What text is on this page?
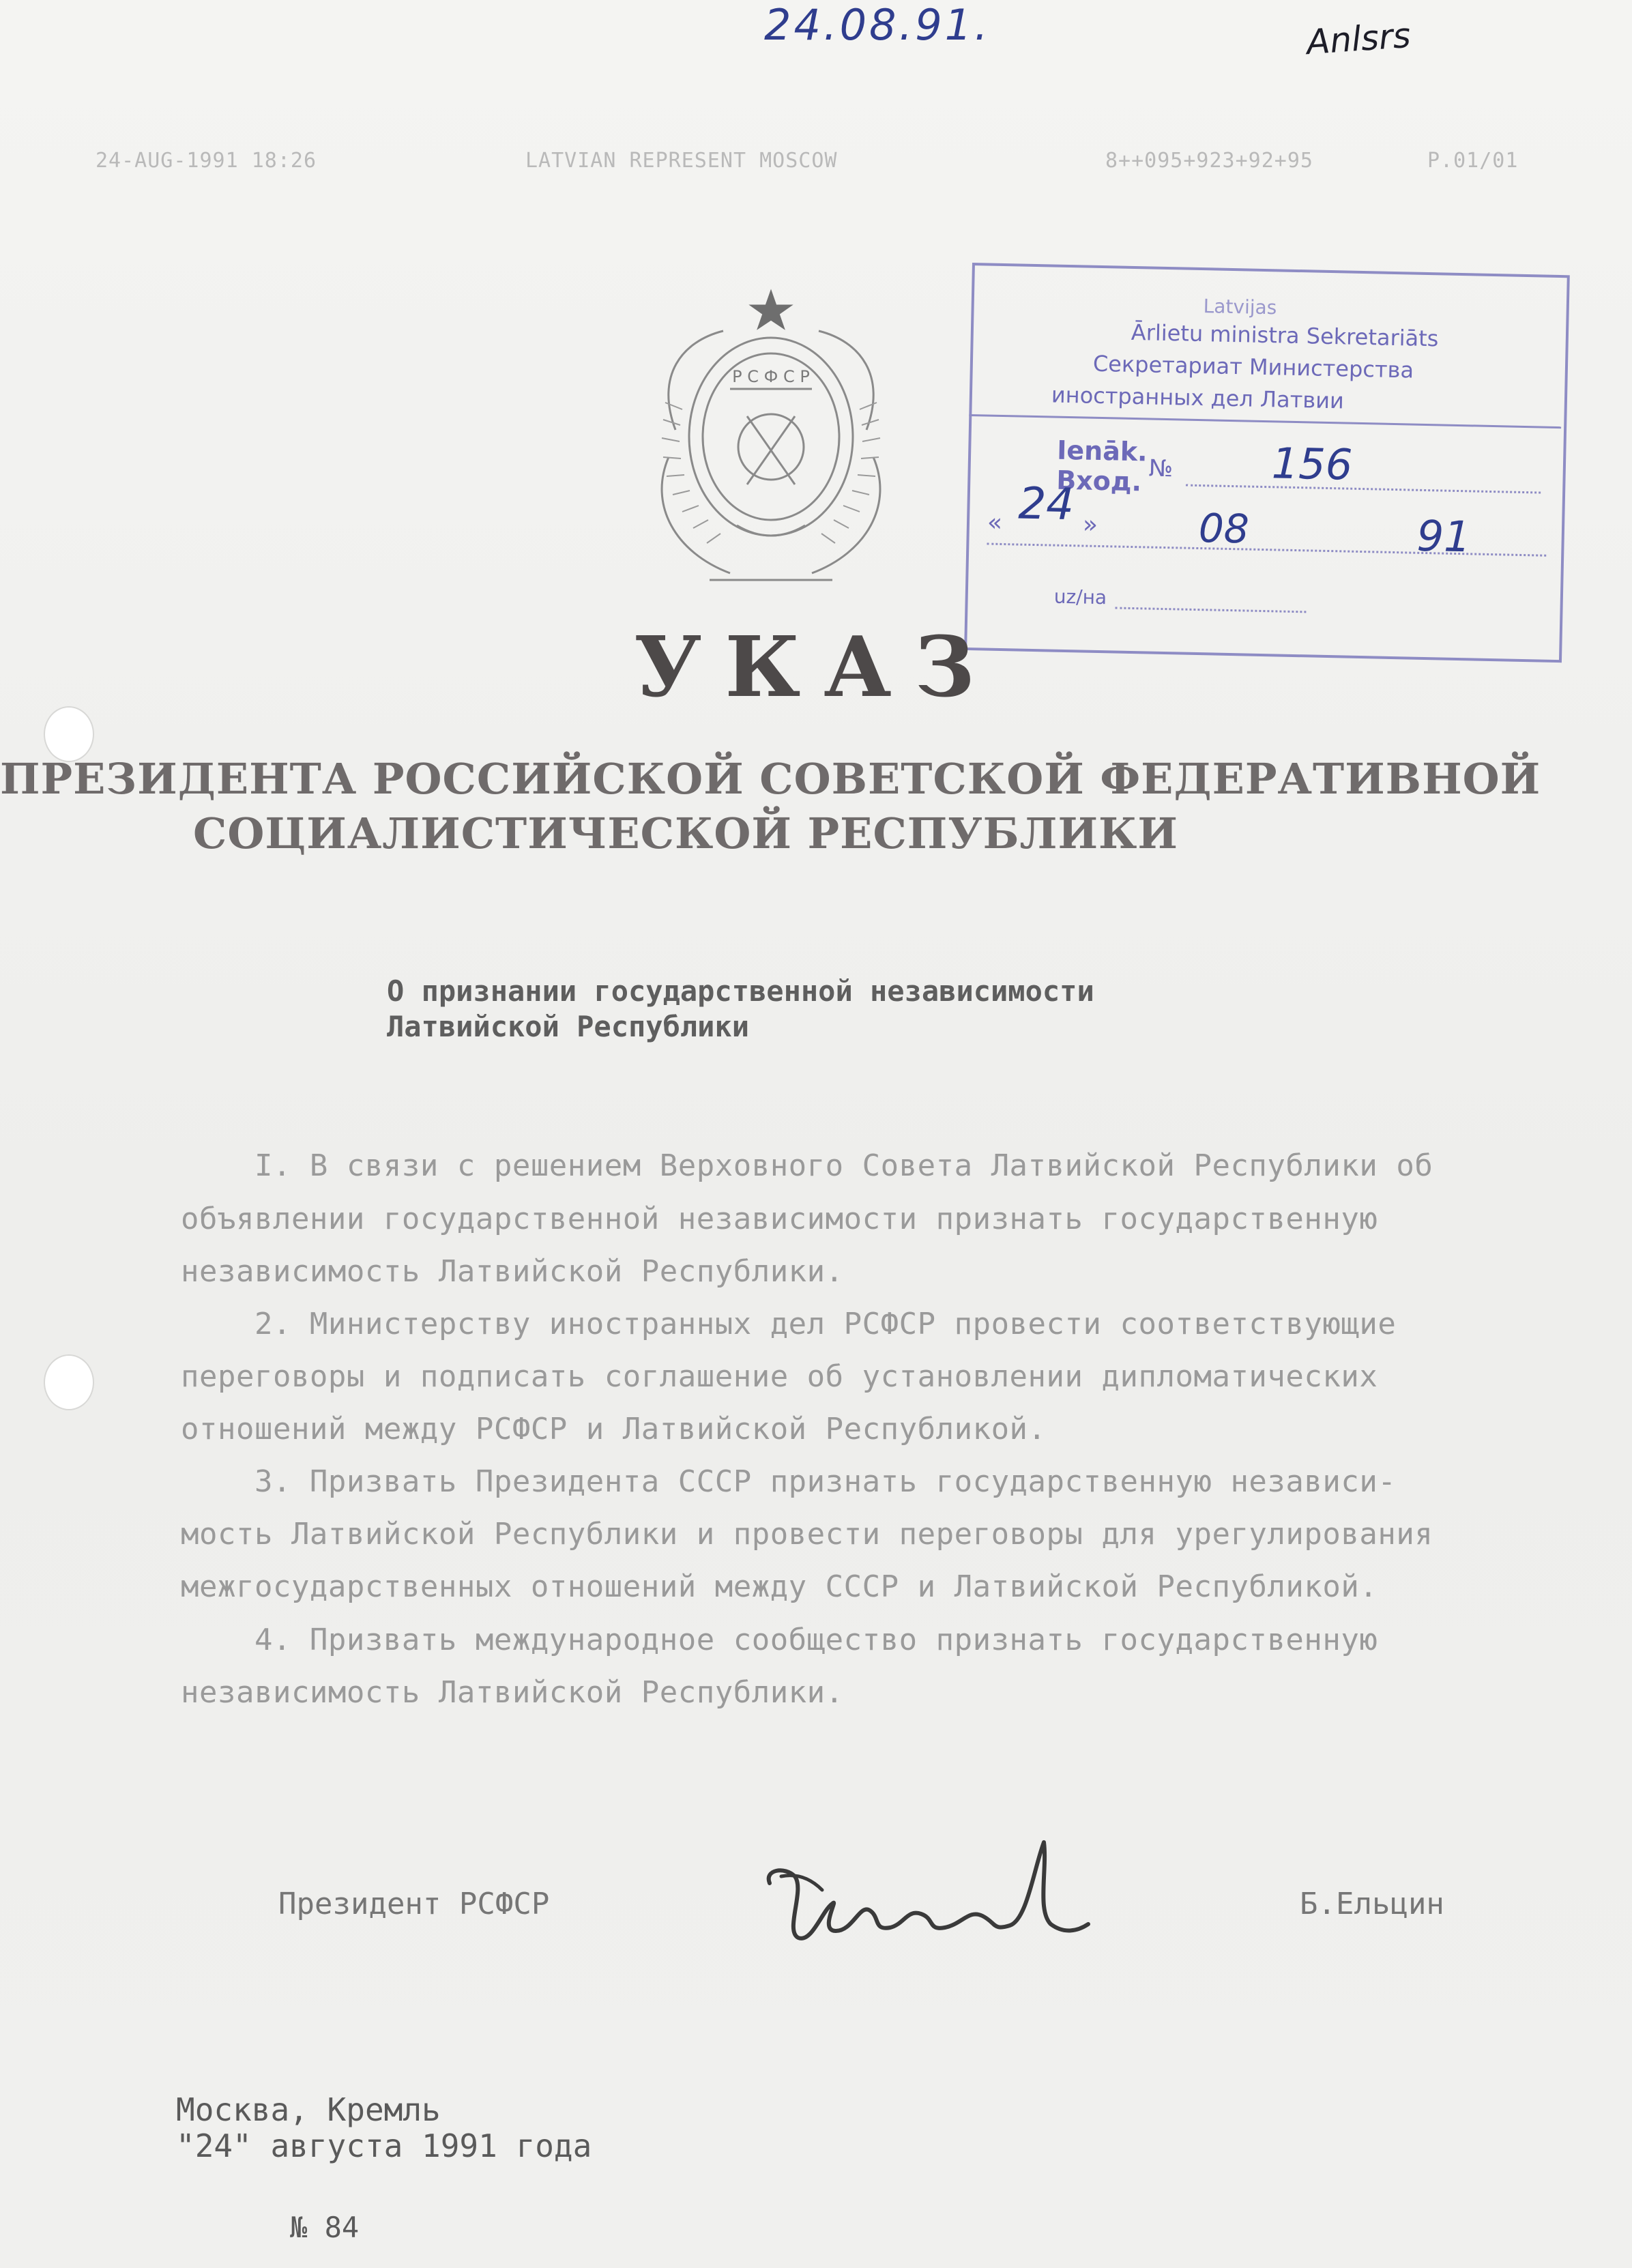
24.08.91.	Anlsrs
24-AUG-1991 18:26	LATVIAN REPRESENT MOSCOW	8++095+923+92+95	P.01/01
Р С Ф С Р
Latvijas
Ārlietu ministra Sekretariāts
Секретариат Министерства
иностранных дел Латвии
Ienāk.
Вход. № 156
« 24 »	08	91
uz/на
УКАЗ
ПРЕЗИДЕНТА РОССИЙСКОЙ СОВЕТСКОЙ ФЕДЕРАТИВНОЙ
СОЦИАЛИСТИЧЕСКОЙ РЕСПУБЛИКИ
О признании государственной независимости
Латвийской Республики
I. В связи с решением Верховного Совета Латвийской Республики об
объявлении государственной независимости признать государственную
независимость Латвийской Республики.
2. Министерству иностранных дел РСФСР провести соответствующие
переговоры и подписать соглашение об установлении дипломатических
отношений между РСФСР и Латвийской Республикой.
3. Призвать Президента СССР признать государственную независи-
мость Латвийской Республики и провести переговоры для урегулирования
межгосударственных отношений между СССР и Латвийской Республикой.
4. Призвать международное сообщество признать государственную
независимость Латвийской Республики.
Президент РСФСР	Б.Ельцин
Москва, Кремль
"24" августа 1991 года
№ 84
